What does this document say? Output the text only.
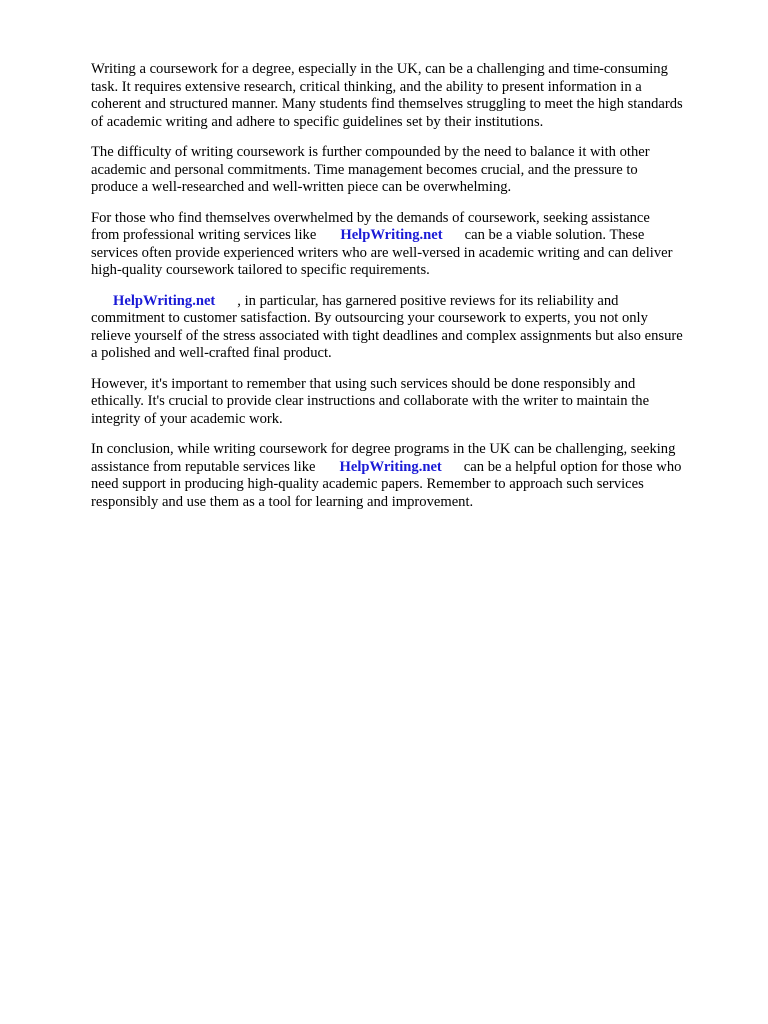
Writing a coursework for a degree, especially in the UK, can be a challenging and time-consuming
task. It requires extensive research, critical thinking, and the ability to present information in a
coherent and structured manner. Many students find themselves struggling to meet the high standards
of academic writing and adhere to specific guidelines set by their institutions.

The difficulty of writing coursework is further compounded by the need to balance it with other
academic and personal commitments. Time management becomes crucial, and the pressure to
produce a well-researched and well-written piece can be overwhelming.

For those who find themselves overwhelmed by the demands of coursework, seeking assistance
from professional writing services like HelpWriting.net can be a viable solution. These
services often provide experienced writers who are well-versed in academic writing and can deliver
high-quality coursework tailored to specific requirements.

HelpWriting.net , in particular, has garnered positive reviews for its reliability and
commitment to customer satisfaction. By outsourcing your coursework to experts, you not only
relieve yourself of the stress associated with tight deadlines and complex assignments but also ensure
a polished and well-crafted final product.

However, it's important to remember that using such services should be done responsibly and
ethically. It's crucial to provide clear instructions and collaborate with the writer to maintain the
integrity of your academic work.

In conclusion, while writing coursework for degree programs in the UK can be challenging, seeking
assistance from reputable services like HelpWriting.net can be a helpful option for those who
need support in producing high-quality academic papers. Remember to approach such services
responsibly and use them as a tool for learning and improvement.
